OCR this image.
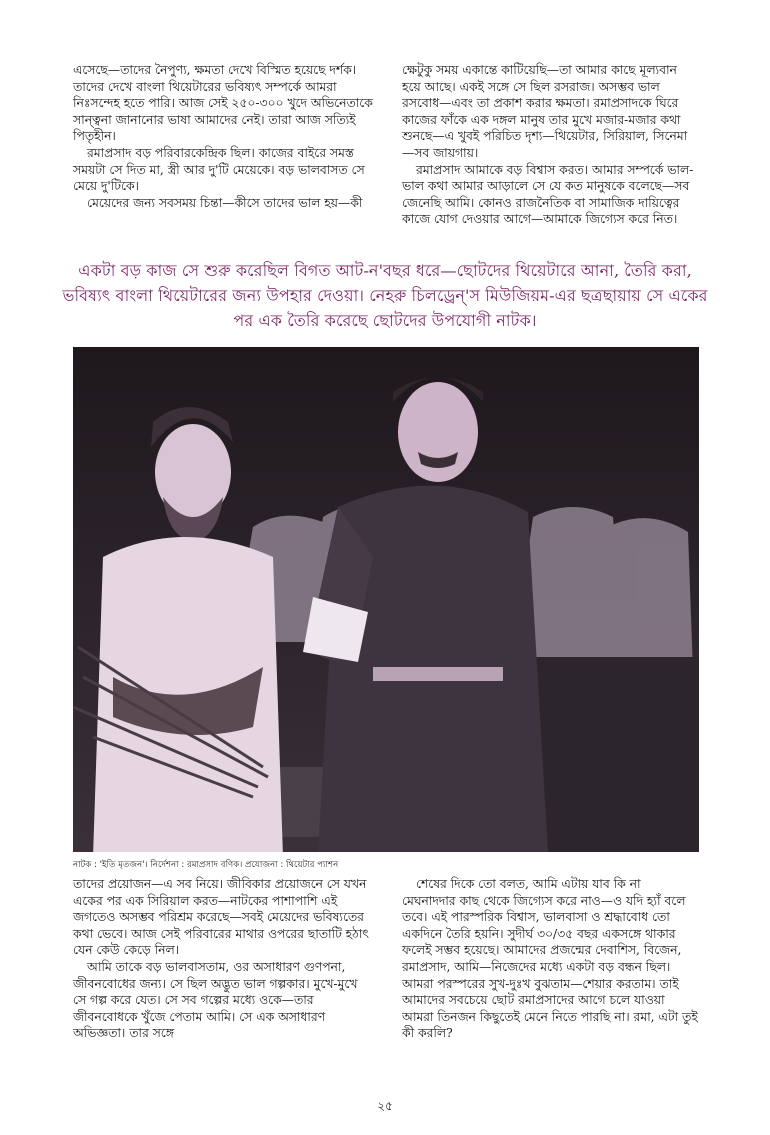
এসেছে—তাদের নৈপুণ্য, ক্ষমতা দেখে বিস্মিত হয়েছে দর্শক। তাদের দেখে বাংলা থিয়েটারের ভবিষ্যৎ সম্পর্কে আমরা নিঃসন্দেহ হতে পারি। আজ সেই ২৫০-৩০০ খুদে অভিনেতাকে সান্ত্বনা জানানোর ভাষা আমাদের নেই। তারা আজ সত্যিই পিতৃহীন।

রমাপ্রসাদ বড় পরিবারকেন্দ্রিক ছিল। কাজের বাইরে সমস্ত সময়টা সে দিত মা, স্ত্রী আর দু'টি মেয়েকে। বড় ভালবাসত সে মেয়ে দু'টিকে।

মেয়েদের জন্য সবসময় চিন্তা—কীসে তাদের ভাল হয়—কী

ক্ষেটুকু সময় একান্তে কাটিয়েছি—তা আমার কাছে মূল্যবান হয়ে আছে। একই সঙ্গে সে ছিল রসরাজ। অসম্ভব ভাল রসবোধ—এবং তা প্রকাশ করার ক্ষমতা। রমাপ্রসাদকে ঘিরে কাজের ফাঁকে এক দঙ্গল মানুষ তার মুখে মজার-মজার কথা শুনছে—এ খুবই পরিচিত দৃশ্য—থিয়েটার, সিরিয়াল, সিনেমা—সব জায়গায়।

রমাপ্রসাদ আমাকে বড় বিশ্বাস করত। আমার সম্পর্কে ভাল-ভাল কথা আমার আড়ালে সে যে কত মানুষকে বলেছে—সব জেনেছি আমি। কোনও রাজনৈতিক বা সামাজিক দায়িত্বের কাজে যোগ দেওয়ার আগে—আমাকে জিগ্যেস করে নিত।

একটা বড় কাজ সে শুরু করেছিল বিগত আট-ন'বছর ধরে—ছোটদের থিয়েটারে আনা, তৈরি করা, ভবিষ্যৎ বাংলা থিয়েটারের জন্য উপহার দেওয়া। নেহরু চিলড্রেন্'স মিউজিয়ম-এর ছত্রছায়ায় সে একের পর এক তৈরি করেছে ছোটদের উপযোগী নাটক।
নাটক : 'ইতি মৃতজন'। নির্দেশনা : রমাপ্রসাদ বণিক। প্রযোজনা : থিয়েটার প্যাশন

তাদের প্রয়োজন—এ সব নিয়ে। জীবিকার প্রয়োজনে সে যখন একের পর এক সিরিয়াল করত—নাটকের পাশাপাশি এই জগতেও অসম্ভব পরিশ্রম করেছে—সবই মেয়েদের ভবিষ্যতের কথা ভেবে। আজ সেই পরিবারের মাথার ওপরের ছাতাটি হঠাৎ যেন কেউ কেড়ে নিল।

আমি তাকে বড় ভালবাসতাম, ওর অসাধারণ গুণপনা, জীবনবোধের জন্য। সে ছিল অদ্ভুত ভাল গল্পকার। মুখে-মুখে সে গল্প করে যেত। সে সব গল্পের মধ্যে ওকে—তার জীবনবোধকে খুঁজে পেতাম আমি। সে এক অসাধারণ অভিজ্ঞতা। তার সঙ্গে

শেষের দিকে তো বলত, আমি এটায় যাব কি না মেঘনাদদার কাছ থেকে জিগ্যেস করে নাও—ও যদি হ্যাঁ বলে তবে। এই পারস্পরিক বিশ্বাস, ভালবাসা ও শ্রদ্ধাবোধ তো একদিনে তৈরি হয়নি। সুদীর্ঘ ৩০/৩৫ বছর একসঙ্গে থাকার ফলেই সম্ভব হয়েছে। আমাদের প্রজন্মের দেবাশিস, বিজেন, রমাপ্রসাদ, আমি—নিজেদের মধ্যে একটা বড় বন্ধন ছিল। আমরা পরস্পরের সুখ-দুঃখ বুঝতাম—শেয়ার করতাম। তাই আমাদের সবচেয়ে ছোট রমাপ্রসাদের আগে চলে যাওয়া আমরা তিনজন কিছুতেই মেনে নিতে পারছি না। রমা, এটা তুই কী করলি?

২৫
